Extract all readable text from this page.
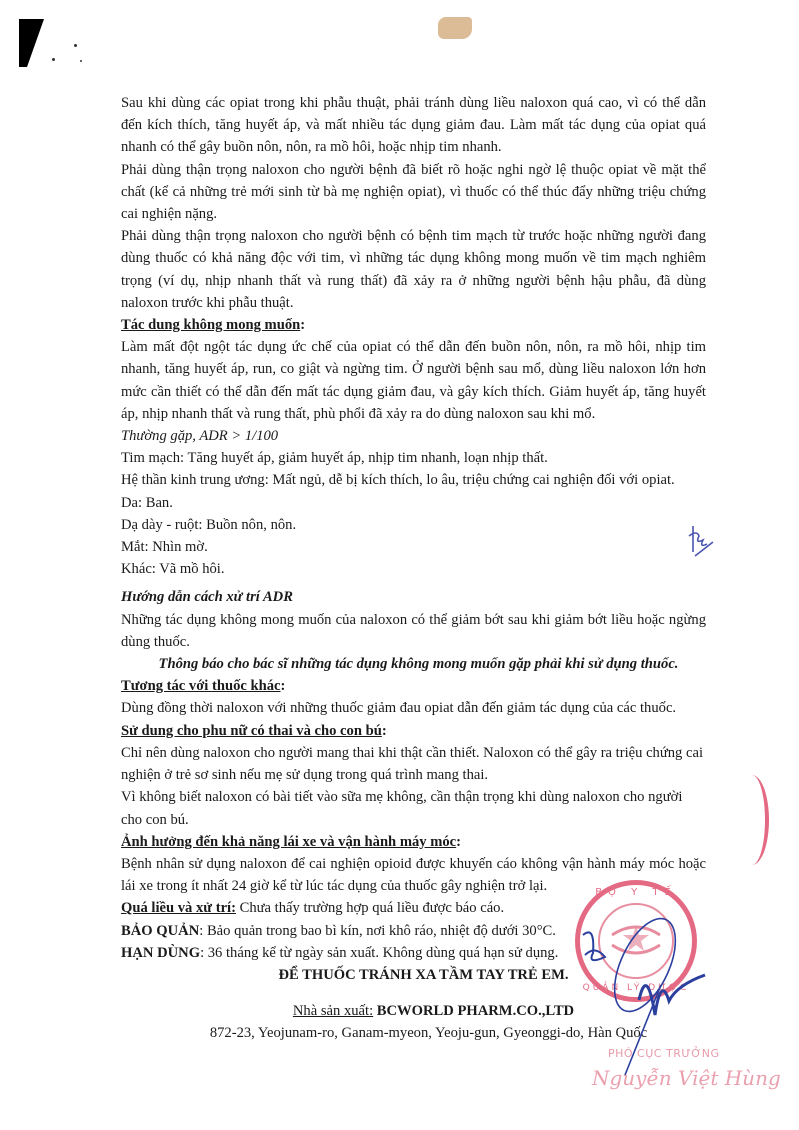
Sau khi dùng các opiat trong khi phẫu thuật, phải tránh dùng liều naloxon quá cao, vì có thể dẫn đến kích thích, tăng huyết áp, và mất nhiều tác dụng giảm đau. Làm mất tác dụng của opiat quá nhanh có thể gây buồn nôn, nôn, ra mồ hôi, hoặc nhịp tim nhanh.

Phải dùng thận trọng naloxon cho người bệnh đã biết rõ hoặc nghi ngờ lệ thuộc opiat về mặt thể chất (kể cả những trẻ mới sinh từ bà mẹ nghiện opiat), vì thuốc có thể thúc đẩy những triệu chứng cai nghiện nặng.

Phải dùng thận trọng naloxon cho người bệnh có bệnh tim mạch từ trước hoặc những người đang dùng thuốc có khả năng độc với tim, vì những tác dụng không mong muốn về tim mạch nghiêm trọng (ví dụ, nhịp nhanh thất và rung thất) đã xảy ra ở những người bệnh hậu phẫu, đã dùng naloxon trước khi phẫu thuật.

Tác dung không mong muốn:

Làm mất đột ngột tác dụng ức chế của opiat có thể dẫn đến buồn nôn, nôn, ra mồ hôi, nhịp tim nhanh, tăng huyết áp, run, co giật và ngừng tim. Ở người bệnh sau mổ, dùng liều naloxon lớn hơn mức cần thiết có thể dẫn đến mất tác dụng giảm đau, và gây kích thích. Giảm huyết áp, tăng huyết áp, nhịp nhanh thất và rung thất, phù phổi đã xảy ra do dùng naloxon sau khi mổ.

Thường gặp, ADR > 1/100

Tim mạch: Tăng huyết áp, giảm huyết áp, nhịp tim nhanh, loạn nhịp thất.

Hệ thần kinh trung ương: Mất ngủ, dễ bị kích thích, lo âu, triệu chứng cai nghiện đối với opiat.

Da: Ban.

Dạ dày - ruột: Buồn nôn, nôn.

Mắt: Nhìn mờ.

Khác: Vã mồ hôi.

Hướng dẫn cách xử trí ADR

Những tác dụng không mong muốn của naloxon có thể giảm bớt sau khi giảm bớt liều hoặc ngừng dùng thuốc.

Thông báo cho bác sĩ những tác dụng không mong muốn gặp phải khi sử dụng thuốc.

Tương tác với thuốc khác:

Dùng đồng thời naloxon với những thuốc giảm đau opiat dẫn đến giảm tác dụng của các thuốc.

Sử dung cho phu nữ có thai và cho con bú:

Chỉ nên dùng naloxon cho người mang thai khi thật cần thiết. Naloxon có thể gây ra triệu chứng cai nghiện ở trẻ sơ sinh nếu mẹ sử dụng trong quá trình mang thai.

Vì không biết naloxon có bài tiết vào sữa mẹ không, cần thận trọng khi dùng naloxon cho người cho con bú.

Ảnh hưởng đến khả năng lái xe và vận hành máy móc:

Bệnh nhân sử dụng naloxon để cai nghiện opioid được khuyến cáo không vận hành máy móc hoặc lái xe trong ít nhất 24 giờ kể từ lúc tác dụng của thuốc gây nghiện trở lại.

Quá liều và xử trí: Chưa thấy trường hợp quá liều được báo cáo.

BẢO QUẢN: Bảo quản trong bao bì kín, nơi khô ráo, nhiệt độ dưới 30°C.

HẠN DÙNG: 36 tháng kể từ ngày sản xuất. Không dùng quá hạn sử dụng.

ĐỂ THUỐC TRÁNH XA TẦM TAY TRẺ EM.

Nhà sản xuất: BCWORLD PHARM.CO.,LTD

872-23, Yeojunam-ro, Ganam-myeon, Yeoju-gun, Gyeonggi-do, Hàn Quốc

BỘ Y TẾ
QUẢN LÝ DƯỢC
PHÓ CỤC TRƯỞNG
Nguyễn Việt Hùng
